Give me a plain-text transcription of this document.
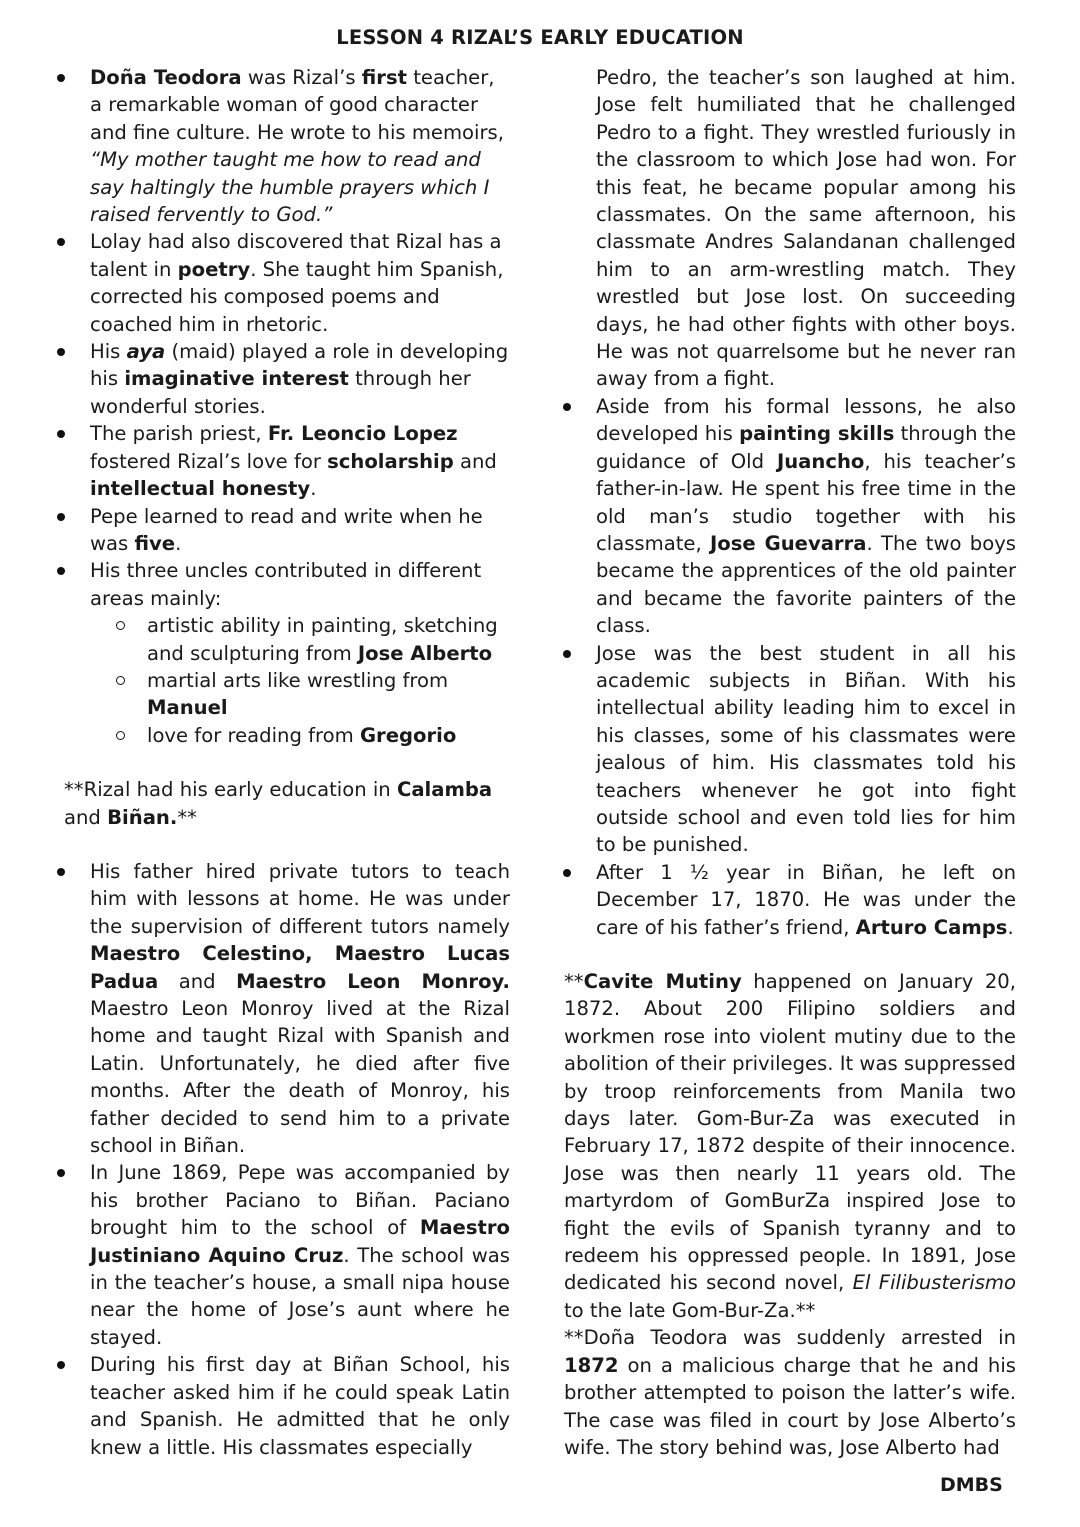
LESSON 4 RIZAL’S EARLY EDUCATION
Doña Teodora was Rizal’s first teacher, a remarkable woman of good character and fine culture. He wrote to his memoirs, “My mother taught me how to read and say haltingly the humble prayers which I raised fervently to God.”
Lolay had also discovered that Rizal has a talent in poetry. She taught him Spanish, corrected his composed poems and coached him in rhetoric.
His aya (maid) played a role in developing his imaginative interest through her wonderful stories.
The parish priest, Fr. Leoncio Lopez fostered Rizal’s love for scholarship and intellectual honesty.
Pepe learned to read and write when he was five.
His three uncles contributed in different areas mainly:
artistic ability in painting, sketching and sculpturing from Jose Alberto
martial arts like wrestling from Manuel
love for reading from Gregorio
**Rizal had his early education in Calamba and Biñan.**
His father hired private tutors to teach him with lessons at home. He was under the supervision of different tutors namely Maestro Celestino, Maestro Lucas Padua and Maestro Leon Monroy. Maestro Leon Monroy lived at the Rizal home and taught Rizal with Spanish and Latin. Unfortunately, he died after five months. After the death of Monroy, his father decided to send him to a private school in Biñan.
In June 1869, Pepe was accompanied by his brother Paciano to Biñan. Paciano brought him to the school of Maestro Justiniano Aquino Cruz. The school was in the teacher’s house, a small nipa house near the home of Jose’s aunt where he stayed.
During his first day at Biñan School, his teacher asked him if he could speak Latin and Spanish. He admitted that he only knew a little. His classmates especially
Pedro, the teacher’s son laughed at him. Jose felt humiliated that he challenged Pedro to a fight. They wrestled furiously in the classroom to which Jose had won. For this feat, he became popular among his classmates. On the same afternoon, his classmate Andres Salandanan challenged him to an arm-wrestling match. They wrestled but Jose lost. On succeeding days, he had other fights with other boys. He was not quarrelsome but he never ran away from a fight.
Aside from his formal lessons, he also developed his painting skills through the guidance of Old Juancho, his teacher’s father-in-law. He spent his free time in the old man’s studio together with his classmate, Jose Guevarra. The two boys became the apprentices of the old painter and became the favorite painters of the class.
Jose was the best student in all his academic subjects in Biñan. With his intellectual ability leading him to excel in his classes, some of his classmates were jealous of him. His classmates told his teachers whenever he got into fight outside school and even told lies for him to be punished.
After 1 ½ year in Biñan, he left on December 17, 1870. He was under the care of his father’s friend, Arturo Camps.
**Cavite Mutiny happened on January 20, 1872. About 200 Filipino soldiers and workmen rose into violent mutiny due to the abolition of their privileges. It was suppressed by troop reinforcements from Manila two days later. Gom-Bur-Za was executed in February 17, 1872 despite of their innocence. Jose was then nearly 11 years old. The martyrdom of GomBurZa inspired Jose to fight the evils of Spanish tyranny and to redeem his oppressed people. In 1891, Jose dedicated his second novel, El Filibusterismo to the late Gom-Bur-Za.**
**Doña Teodora was suddenly arrested in 1872 on a malicious charge that he and his brother attempted to poison the latter’s wife. The case was filed in court by Jose Alberto’s wife. The story behind was, Jose Alberto had
DMBS
